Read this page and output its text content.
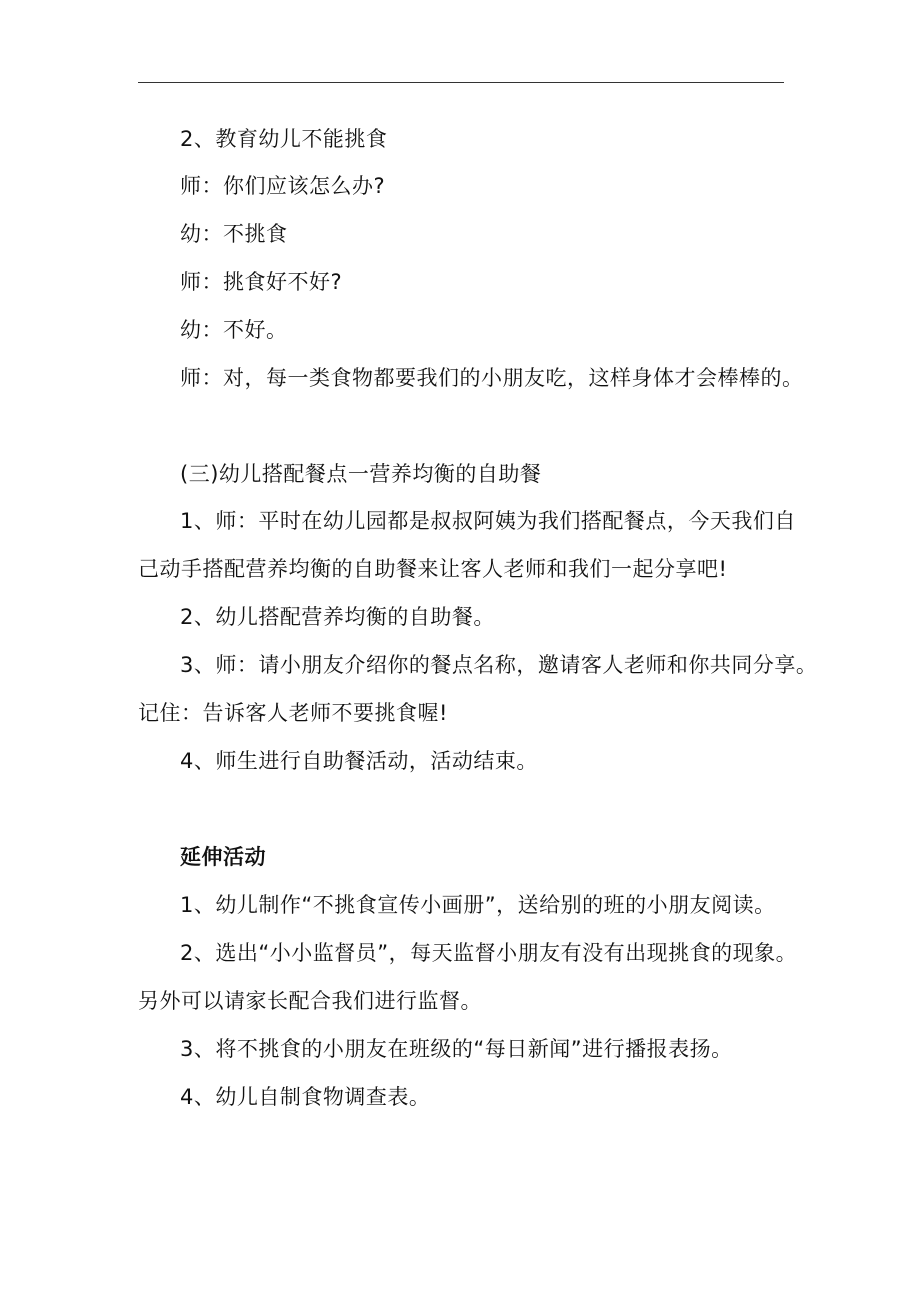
2、教育幼儿不能挑食
师：你们应该怎么办?
幼：不挑食
师：挑食好不好?
幼：不好。
师：对，每一类食物都要我们的小朋友吃，这样身体才会棒棒的。
(三)幼儿搭配餐点一营养均衡的自助餐
1、师：平时在幼儿园都是叔叔阿姨为我们搭配餐点，今天我们自
己动手搭配营养均衡的自助餐来让客人老师和我们一起分享吧!
2、幼儿搭配营养均衡的自助餐。
3、师：请小朋友介绍你的餐点名称，邀请客人老师和你共同分享。
记住：告诉客人老师不要挑食喔!
4、师生进行自助餐活动，活动结束。
延伸活动
1、幼儿制作“不挑食宣传小画册”，送给别的班的小朋友阅读。
2、选出“小小监督员”，每天监督小朋友有没有出现挑食的现象。
另外可以请家长配合我们进行监督。
3、将不挑食的小朋友在班级的“每日新闻”进行播报表扬。
4、幼儿自制食物调查表。
